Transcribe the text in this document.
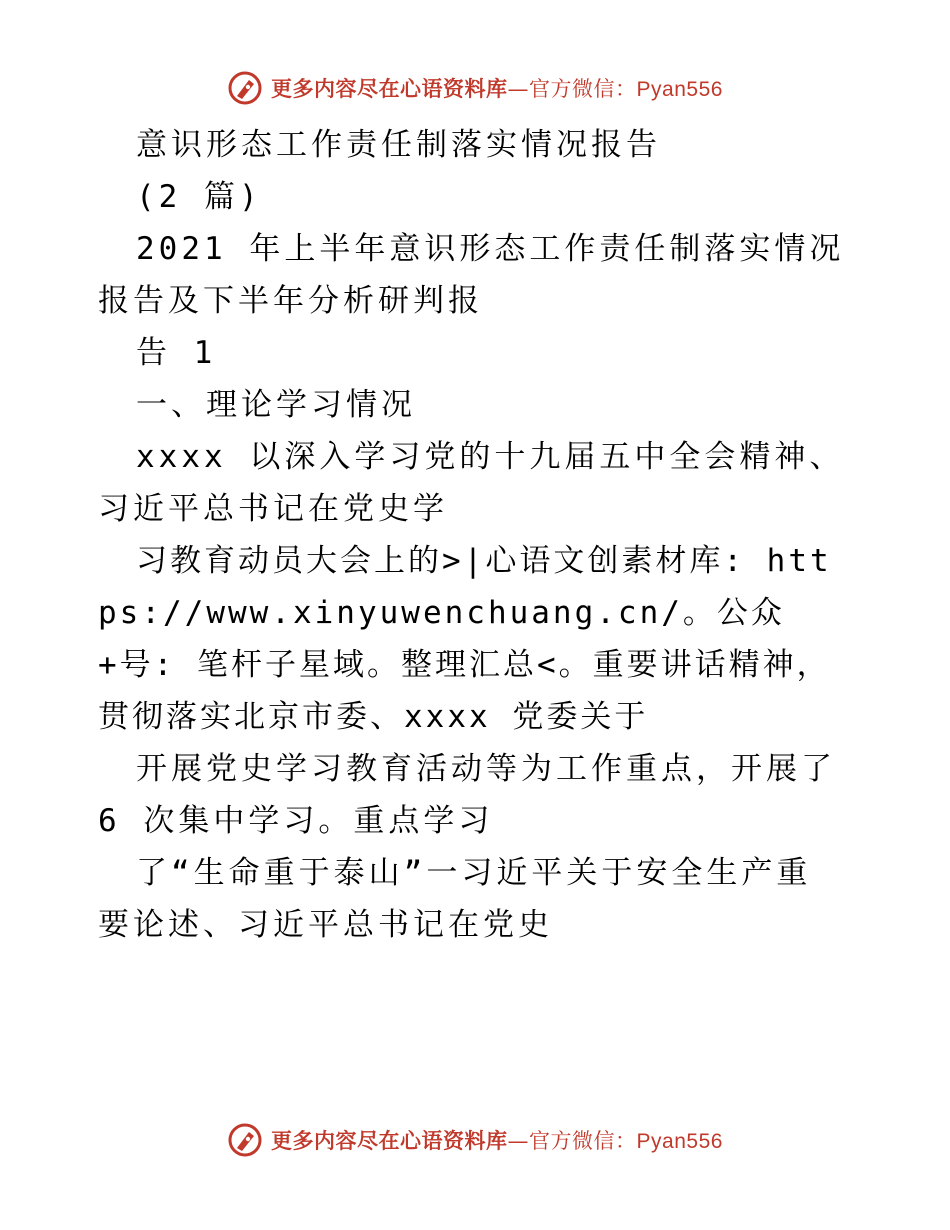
更多内容尽在心语资料库—官方微信：Pyan556

意识形态工作责任制落实情况报告

(2 篇)

2021 年上半年意识形态工作责任制落实情况报告及下半年分析研判报

告 1

一、理论学习情况

xxxx 以深入学习党的十九届五中全会精神、习近平总书记在党史学

习教育动员大会上的>|心语文创素材库: https://www.xinyuwenchuang.cn/。公众+号: 笔杆子星域。整理汇总<。重要讲话精神，贯彻落实北京市委、xxxx 党委关于

开展党史学习教育活动等为工作重点，开展了 6 次集中学习。重点学习

了“生命重于泰山”一习近平关于安全生产重要论述、习近平总书记在党史

更多内容尽在心语资料库—官方微信：Pyan556
